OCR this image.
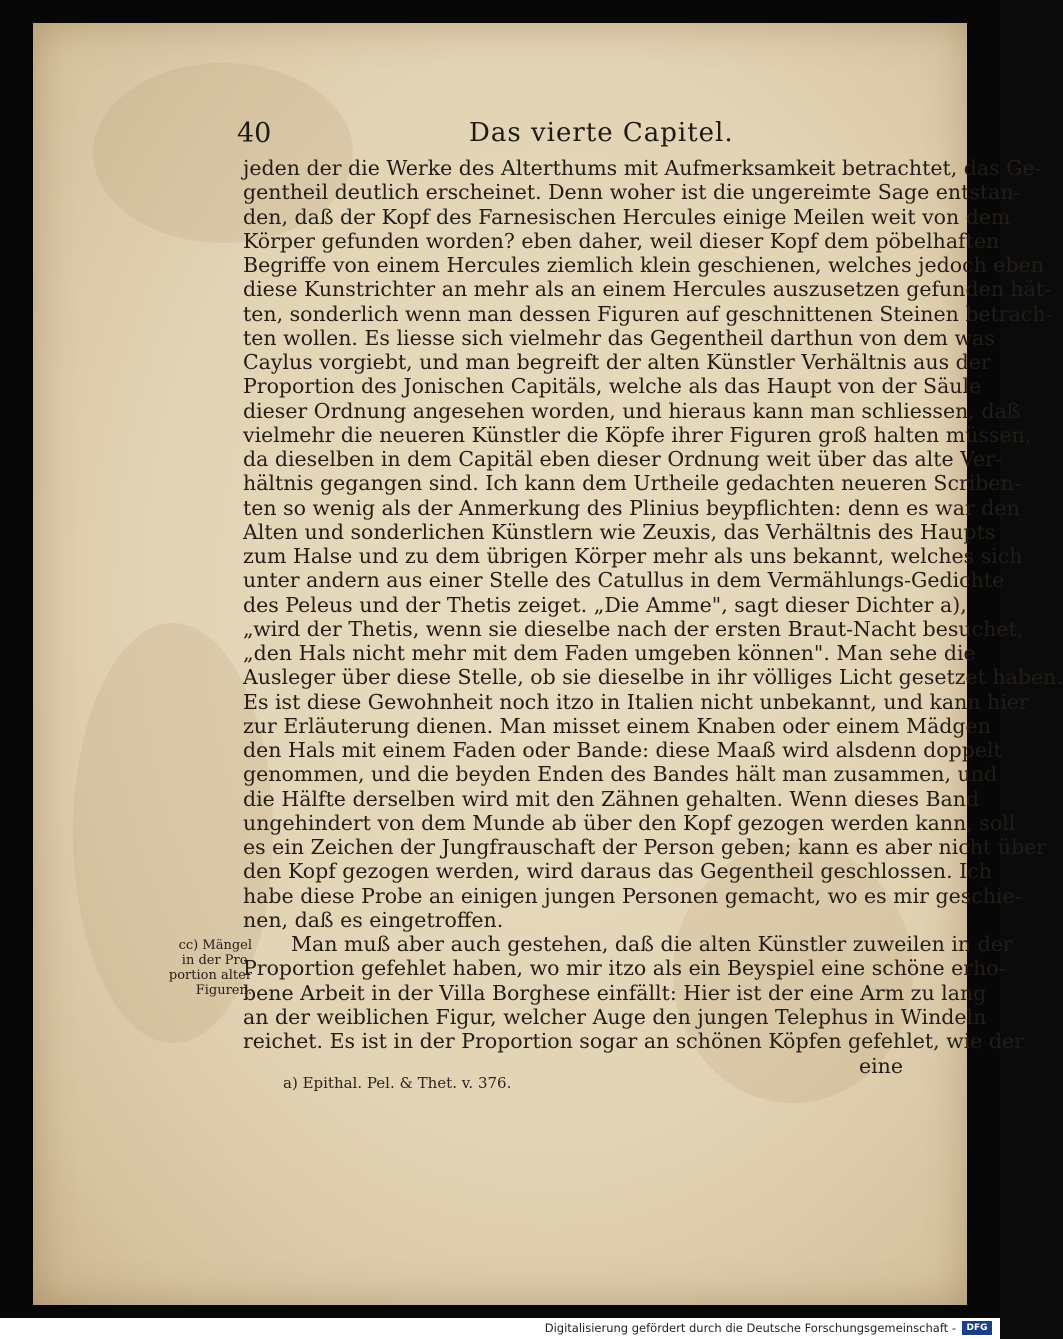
40	Das vierte Capitel.
jeden der die Werke des Alterthums mit Aufmerksamkeit betrachtet, das Ge-
gentheil deutlich erscheinet. Denn woher ist die ungereimte Sage entstan-
den, daß der Kopf des Farnesischen Hercules einige Meilen weit von dem
Körper gefunden worden? eben daher, weil dieser Kopf dem pöbelhaften
Begriffe von einem Hercules ziemlich klein geschienen, welches jedoch eben
diese Kunstrichter an mehr als an einem Hercules auszusetzen gefunden hät-
ten, sonderlich wenn man dessen Figuren auf geschnittenen Steinen betrach-
ten wollen. Es liesse sich vielmehr das Gegentheil darthun von dem was
Caylus vorgiebt, und man begreift der alten Künstler Verhältnis aus der
Proportion des Jonischen Capitäls, welche als das Haupt von der Säule
dieser Ordnung angesehen worden, und hieraus kann man schliessen, daß
vielmehr die neueren Künstler die Köpfe ihrer Figuren groß halten müssen,
da dieselben in dem Capitäl eben dieser Ordnung weit über das alte Ver-
hältnis gegangen sind. Ich kann dem Urtheile gedachten neueren Scriben-
ten so wenig als der Anmerkung des Plinius beypflichten: denn es war den
Alten und sonderlichen Künstlern wie Zeuxis, das Verhältnis des Haupts
zum Halse und zu dem übrigen Körper mehr als uns bekannt, welches sich
unter andern aus einer Stelle des Catullus in dem Vermählungs-Gedichte
des Peleus und der Thetis zeiget. „Die Amme", sagt dieser Dichter a),
„wird der Thetis, wenn sie dieselbe nach der ersten Braut-Nacht besuchet,
„den Hals nicht mehr mit dem Faden umgeben können". Man sehe die
Ausleger über diese Stelle, ob sie dieselbe in ihr völliges Licht gesetzet haben.
Es ist diese Gewohnheit noch itzo in Italien nicht unbekannt, und kann hier
zur Erläuterung dienen. Man misset einem Knaben oder einem Mädgen
den Hals mit einem Faden oder Bande: diese Maaß wird alsdenn doppelt
genommen, und die beyden Enden des Bandes hält man zusammen, und
die Hälfte derselben wird mit den Zähnen gehalten. Wenn dieses Band
ungehindert von dem Munde ab über den Kopf gezogen werden kann, soll
es ein Zeichen der Jungfrauschaft der Person geben; kann es aber nicht über
den Kopf gezogen werden, wird daraus das Gegentheil geschlossen. Ich
habe diese Probe an einigen jungen Personen gemacht, wo es mir geschie-
nen, daß es eingetroffen.
Man muß aber auch gestehen, daß die alten Künstler zuweilen in der
Proportion gefehlet haben, wo mir itzo als ein Beyspiel eine schöne erho-
bene Arbeit in der Villa Borghese einfällt: Hier ist der eine Arm zu lang
an der weiblichen Figur, welcher Auge den jungen Telephus in Windeln
reichet. Es ist in der Proportion sogar an schönen Köpfen gefehlet, wie der
cc) Mängel
in der Pro-
portion alter
Figuren.
eine
a) Epithal. Pel. & Thet. v. 376.
Digitalisierung gefördert durch die Deutsche Forschungsgemeinschaft -	DFG
